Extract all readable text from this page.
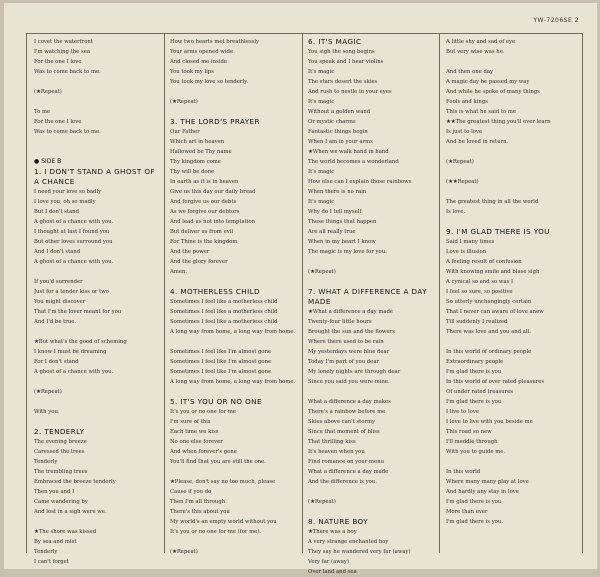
YW-7206SE 2
I covet the waterfront
I'm watching the sea
For the one I love
Was to come back to me.
(★Repeat)
To me
For the one I love
Was to come back to me.
● SIDE B
1. I DON'T STAND A GHOST OF
A CHANCE
I need your love so badly
I love you, oh so madly
But I don't stand
A ghost of a chance with you.
I thought at last I found you
But other loves surround you
And I don't stand
A ghost of a chance with you.
If you'd surrender
Just for a tender kiss or two
You might discover
That I'm the lover meant for you
And I'd be true.
★But what's the good of scheming
I know I must be dreaming
For I don't stand
A ghost of a chance with you.
(★Repeat)
With you.
2. TENDERLY
The evening breeze
Caressed the trees
Tenderly
The trembling trees
Embraced the breeze tenderly
Then you and I
Came wandering by
And lost in a sigh were we.
★The shore was kissed
By sea and mist
Tenderly
I can't forget
How two hearts met breathlessly
Your arms opened wide
And closed me inside
You took my lips
You took my love so tenderly.
(★Repeat)
3. THE LORD'S PRAYER
Our Father
Which art in heaven
Hallowed be Thy name
Thy kingdom come
Thy will be done
In earth as it is in heaven
Give us this day our daily bread
And forgive us our debts
As we forgive our debtors
And lead us not into temptation
But deliver us from evil
For Thine is the kingdom
And the power
And the glory forever
Amen.
4. MOTHERLESS CHILD
Sometimes I feel like a motherless child
Sometimes I feel like a motherless child
Sometimes I feel like a motherless child
A long way from home, a long way from home.
Sometimes I feel like I'm almost gone
Sometimes I feel like I'm almost gone
Sometimes I feel like I'm almost gone
A long way from home, a long way from home.
5. IT'S YOU OR NO ONE
It's you or no one for me
I'm sure of this
Each time we kiss
No one else forever
And when forever's gone
You'll find that you are still the one.
★Please, don't say no too much, please
Cause if you do
Then I'm all through
There's this about you
My world's an empty world without you
It's you or no one for me (for me).
(★Repeat)
6. IT'S MAGIC
You sigh the song begins
You speak and I hear violins
It's magic
The stars desert the skies
And rush to nestle in your eyes
It's magic
Without a golden wand
Or mystic charms
Fantastic things begin
When I am in your arms
★When we walk hand in hand
The world becomes a wonderland
It's magic
How else can I explain those rainbows
When there is no rain
It's magic
Why do I tell myself
These things that happen
Are all really true
When in my heart I know
The magic is my love for you.
(★Repeat)
7. WHAT A DIFFERENCE A DAY
MADE
★What a difference a day made
Twenty-four little hours
Brought the sun and the flowers
Where there used to be rain
My yesterdays were blue dear
Today I'm part of you dear
My lonely nights are through dear
Since you said you were mine.
What a difference a day makes
There's a rainbow before me
Skies above can't stormy
Since that moment of bliss
That thrilling kiss
It's heaven when you
Find romance on your menu
What a difference a day made
And the difference is you.
(★Repeat)
8. NATURE BOY
★There was a boy
A very strange enchanted boy
They say he wandered very far (away)
Very far (away)
Over land and sea
A little shy and sad of eye
But very wise was he.
And then one day
A magic day he passed my way
And while he spoke of many things
Fools and kings
This is what he said to me
★★The greatest thing you'll ever learn
Is just to love
And be loved in return.
(★Repeat)
(★★Repeat)
The greatest thing in all the world
Is love.
9. I'M GLAD THERE IS YOU
Said I many times
Love is illusion
A feeling result of confusion
With knowing smile and blase sigh
A cynical so and so was I
I feel so sure, so positive
So utterly unchangingly certain
That I never can aware of love anew
Till suddenly I realized
There was love and you and all.
In this world of ordinary people
Extraordinary people
I'm glad there is you
In this world of over rated pleasures
Of under rated treasures
I'm glad there is you
I live to love
I love to live with you beside me
This road so new
I'll meddle through
With you to guide me.
In this world
Where many many play at love
And hardly any stay in love
I'm glad there is you
More than ever
I'm glad there is you.
